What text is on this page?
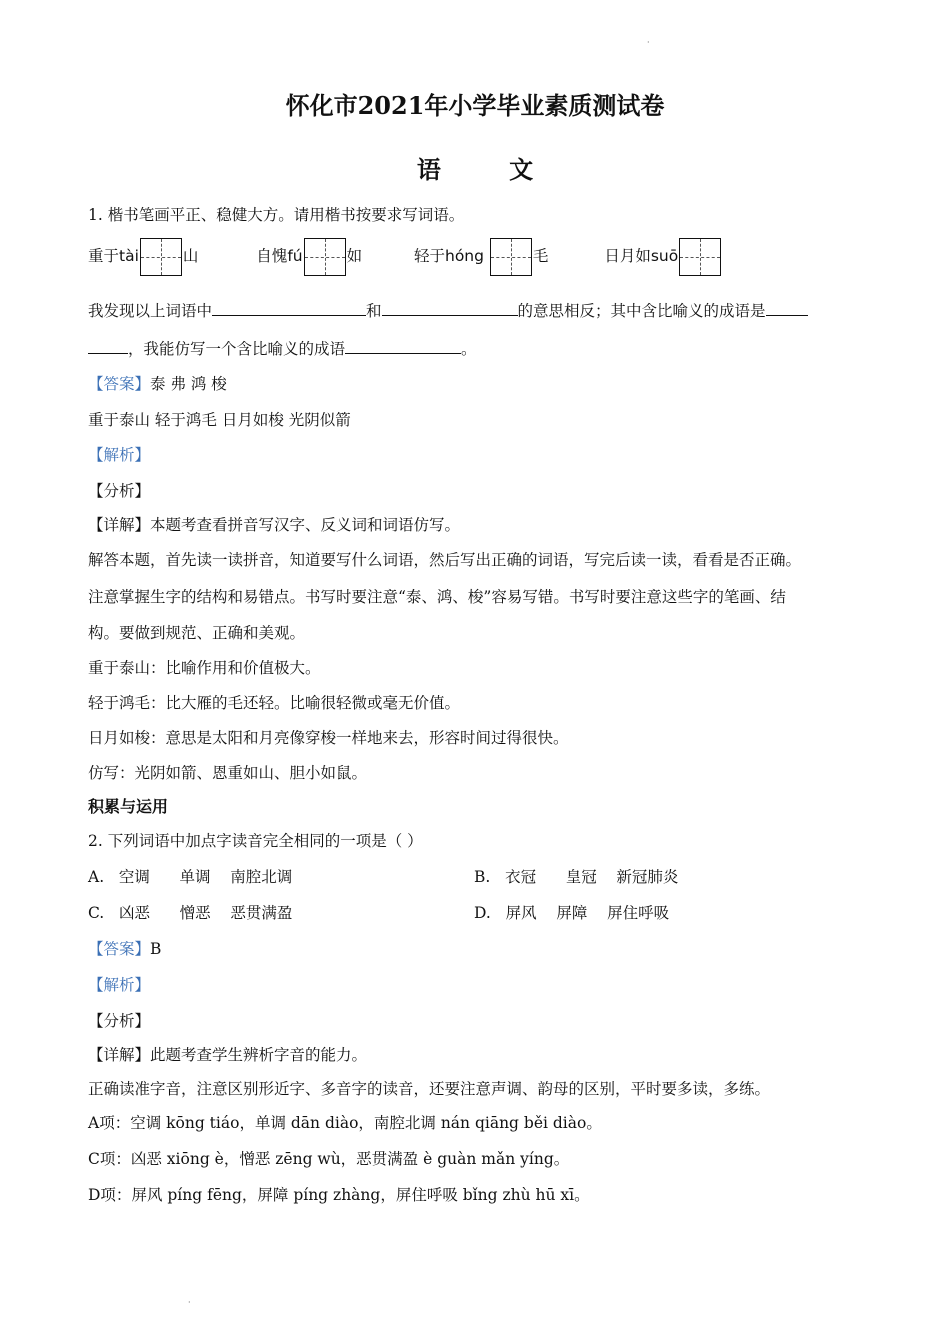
·
怀化市2021年小学毕业素质测试卷
语 文
1. 楷书笔画平正、稳健大方。请用楷书按要求写词语。
重于tài	山	自愧fú	如	轻于hóng	毛	日月如suō
我发现以上词语中	和	的意思相反；其中含比喻义的成语是
，我能仿写一个含比喻义的成语	。
【答案】泰 弗 鸿 梭
重于泰山 轻于鸿毛 日月如梭 光阴似箭
【解析】
【分析】
【详解】本题考查看拼音写汉字、反义词和词语仿写。
解答本题，首先读一读拼音，知道要写什么词语，然后写出正确的词语，写完后读一读，看看是否正确。
注意掌握生字的结构和易错点。书写时要注意“泰、鸿、梭”容易写错。书写时要注意这些字的笔画、结
构。要做到规范、正确和美观。
重于泰山：比喻作用和价值极大。
轻于鸿毛：比大雁的毛还轻。比喻很轻微或毫无价值。
日月如梭：意思是太阳和月亮像穿梭一样地来去，形容时间过得很快。
仿写：光阴如箭、恩重如山、胆小如鼠。
积累与运用
2. 下列词语中加点字读音完全相同的一项是（ ）
A. 空调 单调 南腔北调	B. 衣冠 皇冠 新冠肺炎
C. 凶恶 憎恶 恶贯满盈	D. 屏风 屏障 屏住呼吸
【答案】B
【解析】
【分析】
【详解】此题考查学生辨析字音的能力。
正确读准字音，注意区别形近字、多音字的读音，还要注意声调、韵母的区别，平时要多读，多练。
A项：空调 kōng tiáo，单调 dān diào，南腔北调 nán qiāng běi diào。
C项：凶恶 xiōng è，憎恶 zēng wù，恶贯满盈 è guàn mǎn yíng。
D项：屏风 píng fēng，屏障 píng zhàng，屏住呼吸 bǐng zhù hū xī。
·
